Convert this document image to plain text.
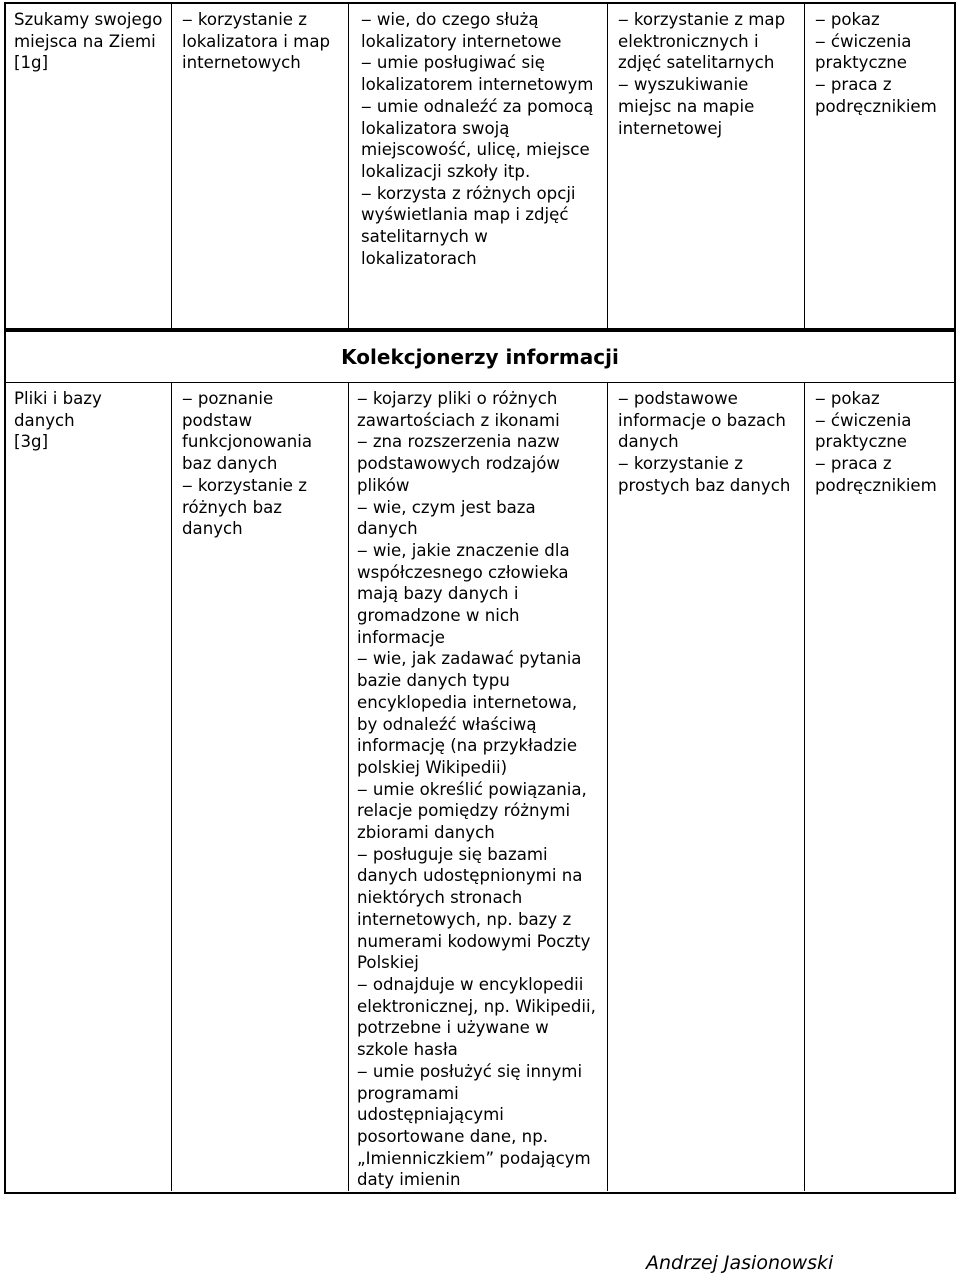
Szukamy swojego miejsca na Ziemi
[1g]
‒ korzystanie z lokalizatora i map internetowych
‒ wie, do czego służą lokalizatory internetowe
‒ umie posługiwać się lokalizatorem internetowym
‒ umie odnaleźć za pomocą lokalizatora swoją miejscowość, ulicę, miejsce lokalizacji szkoły itp.
‒ korzysta z różnych opcji wyświetlania map i zdjęć satelitarnych w lokalizatorach
‒ korzystanie z map elektronicznych i zdjęć satelitarnych
‒ wyszukiwanie miejsc na mapie internetowej
‒ pokaz
‒ ćwiczenia praktyczne
‒ praca z podręcznikiem
Kolekcjonerzy informacji
Pliki i bazy danych
[3g]
‒ poznanie podstaw funkcjonowania baz danych
‒ korzystanie z różnych baz danych
‒ kojarzy pliki o różnych zawartościach z ikonami
‒ zna rozszerzenia nazw podstawowych rodzajów plików
‒ wie, czym jest baza danych
‒ wie, jakie znaczenie dla współczesnego człowieka mają bazy danych i gromadzone w nich informacje
‒ wie, jak zadawać pytania bazie danych typu encyklopedia internetowa, by odnaleźć właściwą informację (na przykładzie polskiej Wikipedii)
‒ umie określić powiązania, relacje pomiędzy różnymi zbiorami danych
‒ posługuje się bazami danych udostępnionymi na niektórych stronach internetowych, np. bazy z numerami kodowymi Poczty Polskiej
‒ odnajduje w encyklopedii elektronicznej, np. Wikipedii, potrzebne i używane w szkole hasła
‒ umie posłużyć się innymi programami udostępniającymi posortowane dane, np. „Imienniczkiem” podającym daty imienin
‒ podstawowe informacje o bazach danych
‒ korzystanie z prostych baz danych
‒ pokaz
‒ ćwiczenia praktyczne
‒ praca z podręcznikiem
Andrzej Jasionowski
